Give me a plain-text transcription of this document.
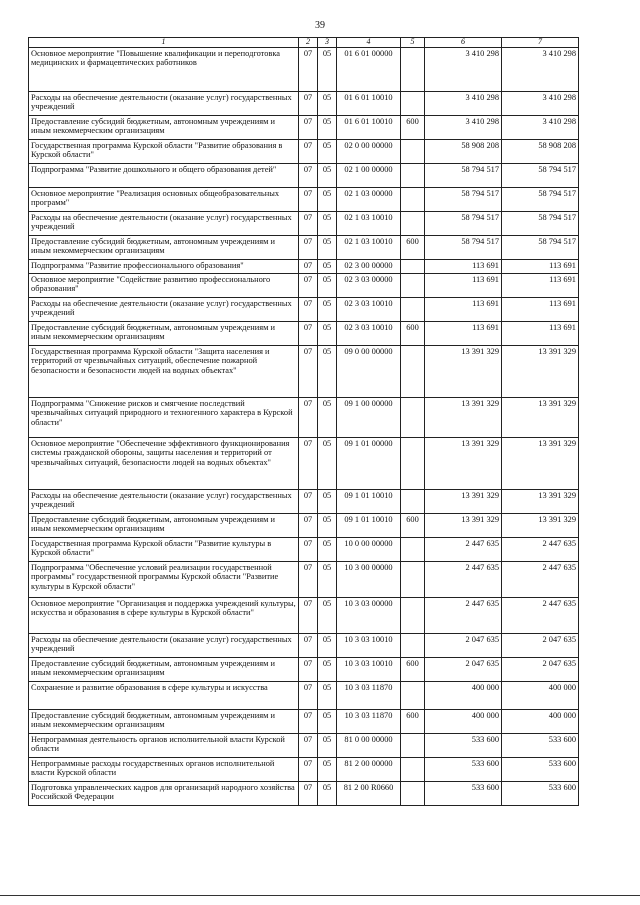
39
1	2	3	4	5	6	7
Основное мероприятие "Повышение квалификации и переподготовка медицинских и фармацевтических работников	07	05	01 6 01 00000		3 410 298	3 410 298
Расходы на обеспечение деятельности (оказание услуг) государственных учреждений	07	05	01 6 01 10010		3 410 298	3 410 298
Предоставление субсидий бюджетным, автономным учреждениям и иным некоммерческим организациям	07	05	01 6 01 10010	600	3 410 298	3 410 298
Государственная программа Курской области "Развитие образования в Курской области"	07	05	02 0 00 00000		58 908 208	58 908 208
Подпрограмма "Развитие дошкольного и общего образования детей"	07	05	02 1 00 00000		58 794 517	58 794 517
Основное мероприятие "Реализация основных общеобразовательных программ"	07	05	02 1 03 00000		58 794 517	58 794 517
Расходы на обеспечение деятельности (оказание услуг) государственных учреждений	07	05	02 1 03 10010		58 794 517	58 794 517
Предоставление субсидий бюджетным, автономным учреждениям и иным некоммерческим организациям	07	05	02 1 03 10010	600	58 794 517	58 794 517
Подпрограмма "Развитие профессионального образования"	07	05	02 3 00 00000		113 691	113 691
Основное мероприятие "Содействие развитию профессионального образования"	07	05	02 3 03 00000		113 691	113 691
Расходы на обеспечение деятельности (оказание услуг) государственных учреждений	07	05	02 3 03 10010		113 691	113 691
Предоставление субсидий бюджетным, автономным учреждениям и иным некоммерческим организациям	07	05	02 3 03 10010	600	113 691	113 691
Государственная программа Курской области "Защита населения и территорий от чрезвычайных ситуаций, обеспечение пожарной безопасности и безопасности людей на водных объектах"	07	05	09 0 00 00000		13 391 329	13 391 329
Подпрограмма "Снижение рисков и смягчение последствий чрезвычайных ситуаций природного и техногенного характера в Курской области"	07	05	09 1 00 00000		13 391 329	13 391 329
Основное мероприятие "Обеспечение эффективного функционирования системы гражданской обороны, защиты населения и территорий от чрезвычайных ситуаций, безопасности людей на водных объектах"	07	05	09 1 01 00000		13 391 329	13 391 329
Расходы на обеспечение деятельности (оказание услуг) государственных учреждений	07	05	09 1 01 10010		13 391 329	13 391 329
Предоставление субсидий бюджетным, автономным учреждениям и иным некоммерческим организациям	07	05	09 1 01 10010	600	13 391 329	13 391 329
Государственная программа Курской области "Развитие культуры в Курской области"	07	05	10 0 00 00000		2 447 635	2 447 635
Подпрограмма "Обеспечение условий реализации государственной программы" государственной программы Курской области "Развитие культуры в Курской области"	07	05	10 3 00 00000		2 447 635	2 447 635
Основное мероприятие "Организация и поддержка учреждений культуры, искусства и образования в сфере культуры в Курской области"	07	05	10 3 03 00000		2 447 635	2 447 635
Расходы на обеспечение деятельности (оказание услуг) государственных учреждений	07	05	10 3 03 10010		2 047 635	2 047 635
Предоставление субсидий бюджетным, автономным учреждениям и иным некоммерческим организациям	07	05	10 3 03 10010	600	2 047 635	2 047 635
Сохранение и развитие образования в сфере культуры и искусства	07	05	10 3 03 11870		400 000	400 000
Предоставление субсидий бюджетным, автономным учреждениям и иным некоммерческим организациям	07	05	10 3 03 11870	600	400 000	400 000
Непрограммная деятельность органов исполнительной власти Курской области	07	05	81 0 00 00000		533 600	533 600
Непрограммные расходы государственных органов исполнительной власти Курской области	07	05	81 2 00 00000		533 600	533 600
Подготовка управленческих кадров для организаций народного хозяйства Российской Федерации	07	05	81 2 00 R0660		533 600	533 600
